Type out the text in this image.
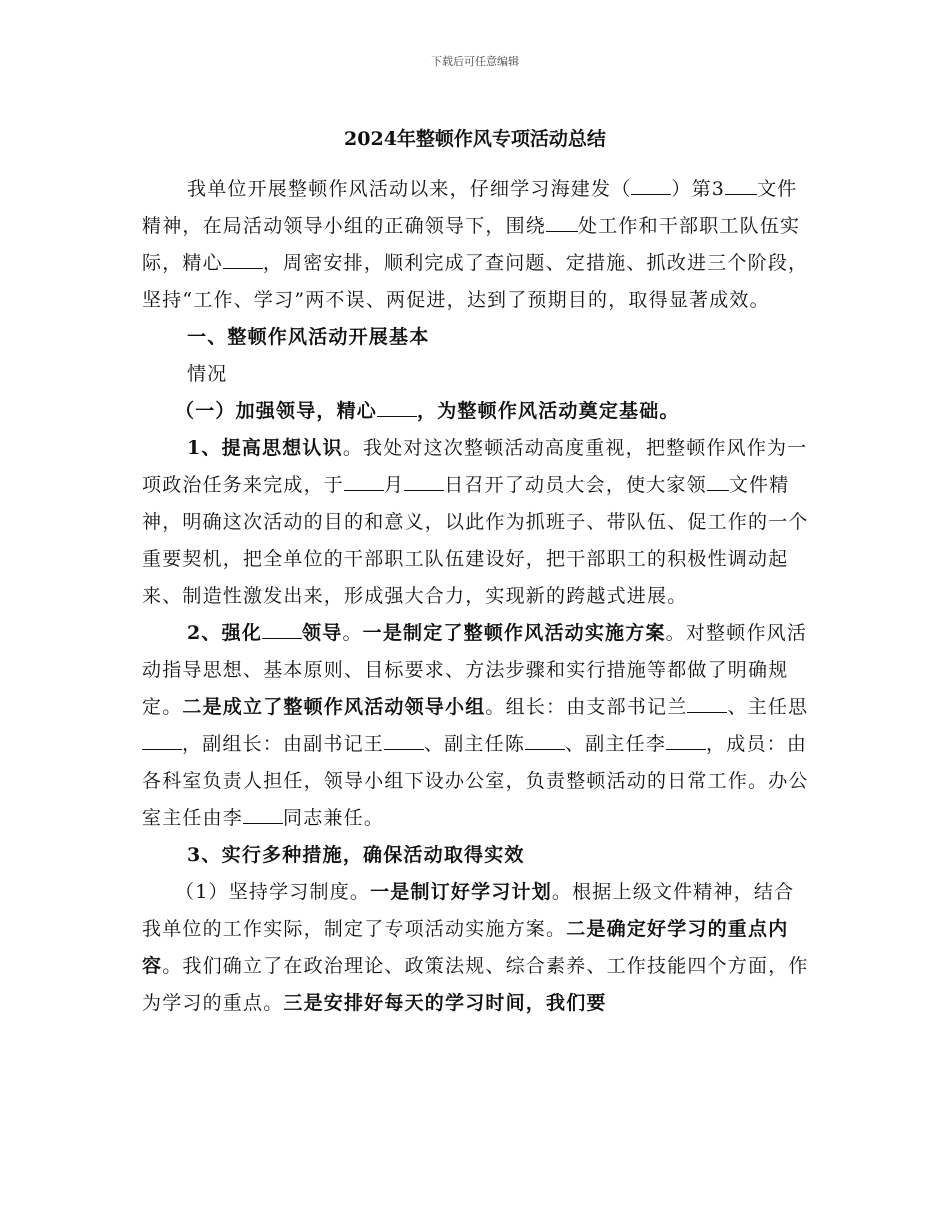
下载后可任意编辑
2024年整顿作风专项活动总结

我单位开展整顿作风活动以来，仔细学习海建发（ ）第3 文件精神，在局活动领导小组的正确领导下，围绕 处工作和干部职工队伍实际，精心 ，周密安排，顺利完成了查问题、定措施、抓改进三个阶段，坚持“工作、学习”两不误、两促进，达到了预期目的，取得显著成效。

一、整顿作风活动开展基本

情况

（一）加强领导，精心 ，为整顿作风活动奠定基础。

1、提高思想认识。我处对这次整顿活动高度重视，把整顿作风作为一项政治任务来完成，于 月 日召开了动员大会，使大家领 文件精神，明确这次活动的目的和意义，以此作为抓班子、带队伍、促工作的一个重要契机，把全单位的干部职工队伍建设好，把干部职工的积极性调动起来、制造性激发出来，形成强大合力，实现新的跨越式进展。

2、强化 领导。一是制定了整顿作风活动实施方案。对整顿作风活动指导思想、基本原则、目标要求、方法步骤和实行措施等都做了明确规定。二是成立了整顿作风活动领导小组。组长：由支部书记兰 、主任思，副组长：由副书记王 、副主任陈 、副主任李 ，成员：由各科室负责人担任，领导小组下设办公室，负责整顿活动的日常工作。办公室主任由李 同志兼任。

3、实行多种措施，确保活动取得实效

（1）坚持学习制度。一是制订好学习计划。根据上级文件精神，结合我单位的工作实际，制定了专项活动实施方案。二是确定好学习的重点内容。我们确立了在政治理论、政策法规、综合素养、工作技能四个方面，作为学习的重点。三是安排好每天的学习时间，我们要
